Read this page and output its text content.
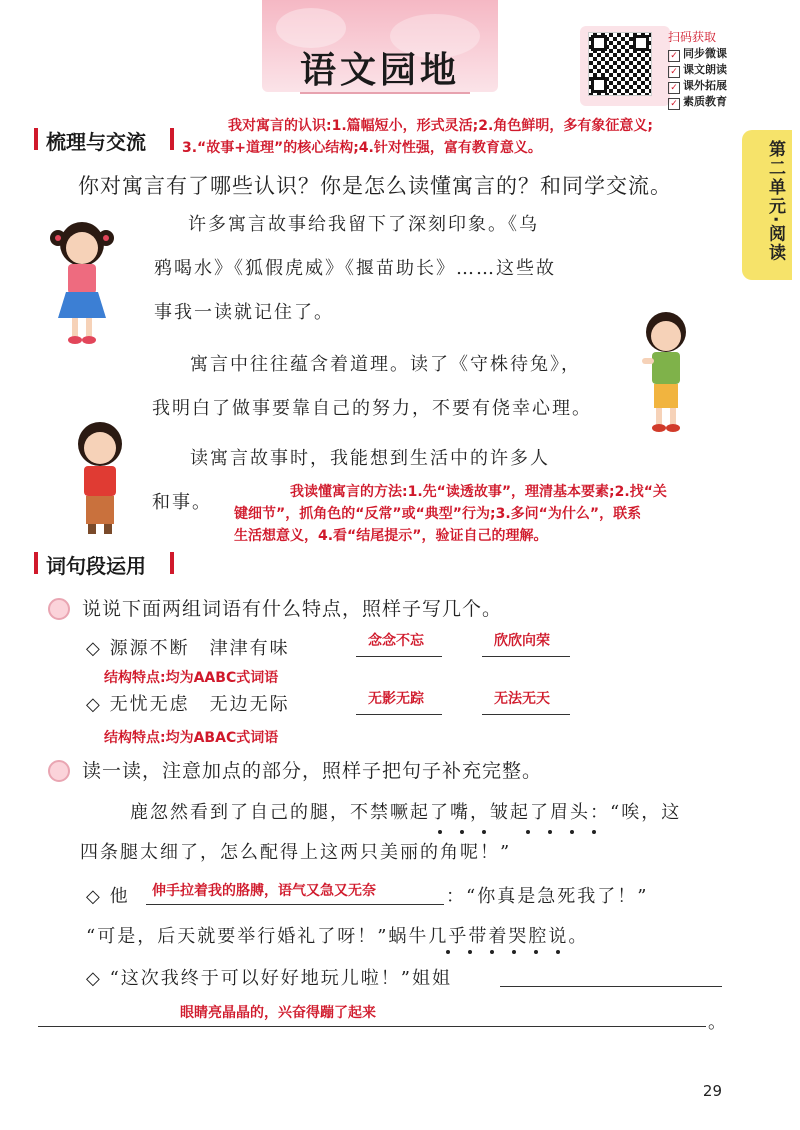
语文园地
扫码获取
✓ 同步微课
✓ 课文朗读
✓ 课外拓展
✓ 素质教育
第二单元·阅读
梳理与交流
我对寓言的认识:1.篇幅短小，形式灵活;2.角色鲜明，多有象征意义;
3.“故事+道理”的核心结构;4.针对性强，富有教育意义。
你对寓言有了哪些认识？你是怎么读懂寓言的？和同学交流。
许多寓言故事给我留下了深刻印象。《乌
鸦喝水》《狐假虎威》《揠苗助长》……这些故
事我一读就记住了。
寓言中往往蕴含着道理。读了《守株待兔》，
我明白了做事要靠自己的努力，不要有侥幸心理。
读寓言故事时，我能想到生活中的许多人
和事。	我读懂寓言的方法:1.先“读透故事”，理清基本要素;2.找“关
键细节”，抓角色的“反常”或“典型”行为;3.多问“为什么”，联系
生活想意义，4.看“结尾提示”，验证自己的理解。
词句段运用
说说下面两组词语有什么特点，照样子写几个。
◇ 源源不断　津津有味	念念不忘	欣欣向荣
结构特点:均为AABC式词语
◇ 无忧无虑　无边无际	无影无踪	无法无天
结构特点:均为ABAC式词语
读一读，注意加点的部分，照样子把句子补充完整。
鹿忽然看到了自己的腿，不禁噘起了嘴，皱起了眉头：“唉，这
四条腿太细了，怎么配得上这两只美丽的角呢！”
◇ 他 伸手拉着我的胳膊，语气又急又无奈	：“你真是急死我了！”
“可是，后天就要举行婚礼了呀！”蜗牛几乎带着哭腔说。
◇ “这次我终于可以好好地玩儿啦！”姐姐
眼睛亮晶晶的，兴奋得蹦了起来	。
29
